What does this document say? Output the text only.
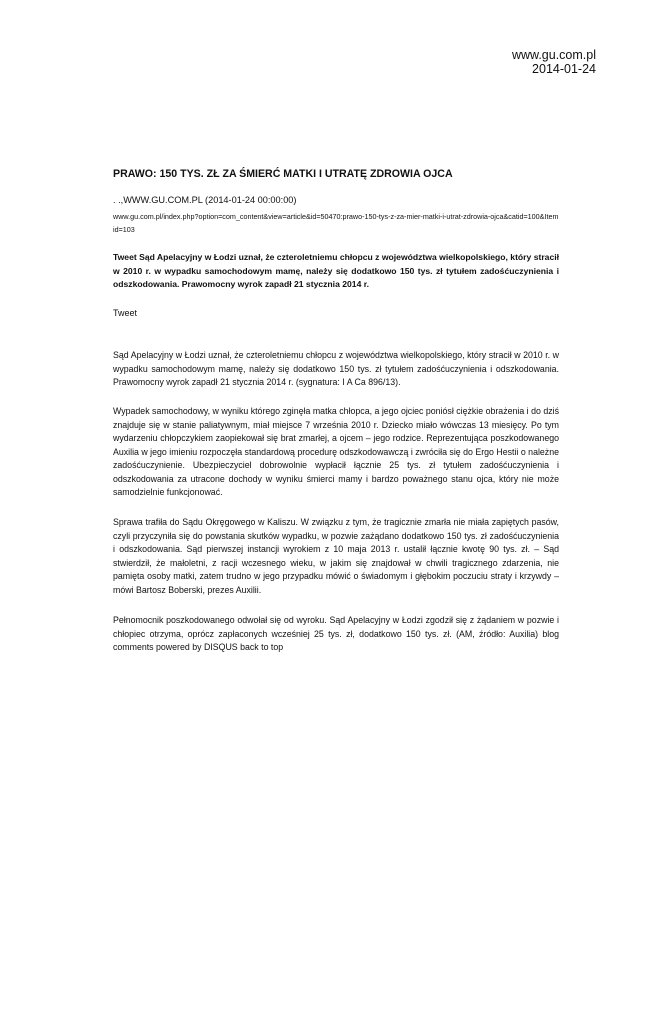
www.gu.com.pl
2014-01-24
PRAWO: 150 TYS. ZŁ ZA ŚMIERĆ MATKI I UTRATĘ ZDROWIA OJCA
. .,WWW.GU.COM.PL (2014-01-24 00:00:00)
www.gu.com.pl/index.php?option=com_content&view=article&id=50470:prawo-150-tys-z-za-mier-matki-i-utrat-zdrowia-ojca&catid=100&Itemid=103

Tweet Sąd Apelacyjny w Łodzi uznał, że czteroletniemu chłopcu z województwa wielkopolskiego, który stracił w 2010 r. w wypadku samochodowym mamę, należy się dodatkowo 150 tys. zł tytułem zadośćuczynienia i odszkodowania. Prawomocny wyrok zapadł 21 stycznia 2014 r.

Tweet

Sąd Apelacyjny w Łodzi uznał, że czteroletniemu chłopcu z województwa wielkopolskiego, który stracił w 2010 r. w wypadku samochodowym mamę, należy się dodatkowo 150 tys. zł tytułem zadośćuczynienia i odszkodowania. Prawomocny wyrok zapadł 21 stycznia 2014 r. (sygnatura: I A Ca 896/13).

Wypadek samochodowy, w wyniku którego zginęła matka chłopca, a jego ojciec poniósł ciężkie obrażenia i do dziś znajduje się w stanie paliatywnym, miał miejsce 7 września 2010 r. Dziecko miało wówczas 13 miesięcy. Po tym wydarzeniu chłopczykiem zaopiekował się brat zmarłej, a ojcem – jego rodzice. Reprezentująca poszkodowanego Auxilia w jego imieniu rozpoczęła standardową procedurę odszkodowawczą i zwróciła się do Ergo Hestii o należne zadośćuczynienie. Ubezpieczyciel dobrowolnie wypłacił łącznie 25 tys. zł tytułem zadośćuczynienia i odszkodowania za utracone dochody w wyniku śmierci mamy i bardzo poważnego stanu ojca, który nie może samodzielnie funkcjonować.

Sprawa trafiła do Sądu Okręgowego w Kaliszu. W związku z tym, że tragicznie zmarła nie miała zapiętych pasów, czyli przyczyniła się do powstania skutków wypadku, w pozwie zażądano dodatkowo 150 tys. zł zadośćuczynienia i odszkodowania. Sąd pierwszej instancji wyrokiem z 10 maja 2013 r. ustalił łącznie kwotę 90 tys. zł. – Sąd stwierdził, że małoletni, z racji wczesnego wieku, w jakim się znajdował w chwili tragicznego zdarzenia, nie pamięta osoby matki, zatem trudno w jego przypadku mówić o świadomym i głębokim poczuciu straty i krzywdy – mówi Bartosz Boberski, prezes Auxilii.

Pełnomocnik poszkodowanego odwołał się od wyroku. Sąd Apelacyjny w Łodzi zgodził się z żądaniem w pozwie i chłopiec otrzyma, oprócz zapłaconych wcześniej 25 tys. zł, dodatkowo 150 tys. zł. (AM, źródło: Auxilia) blog comments powered by DISQUS back to top
